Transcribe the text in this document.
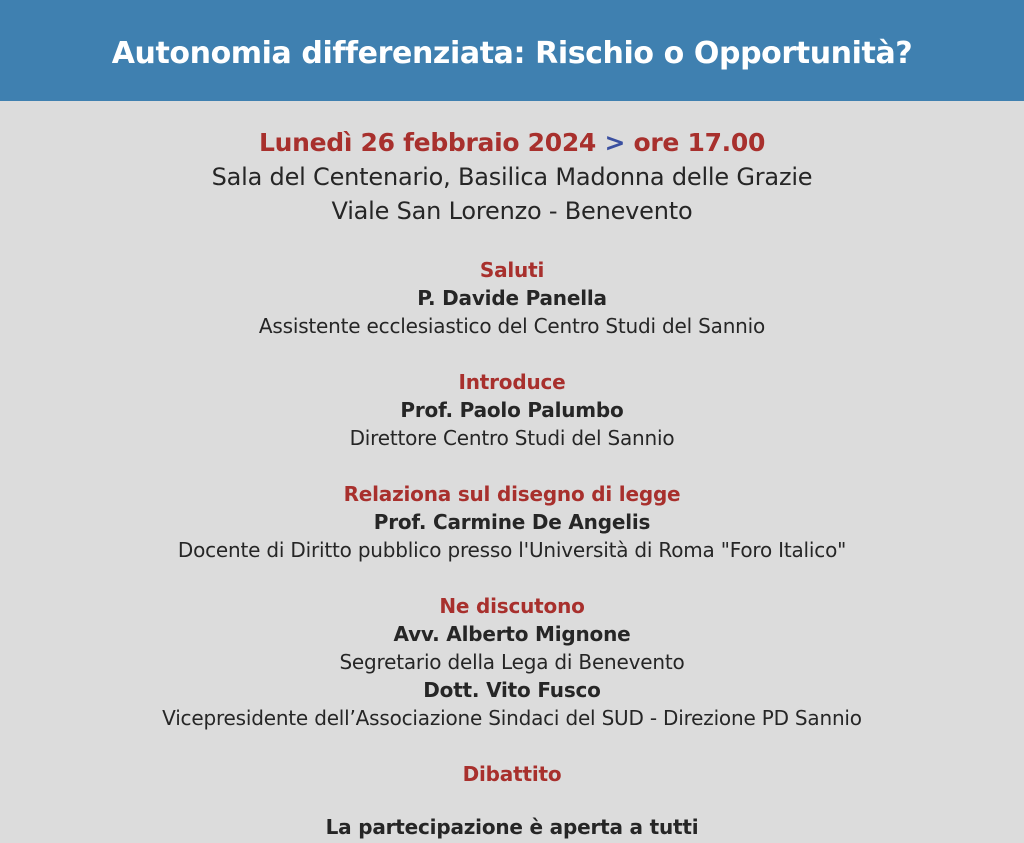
Autonomia differenziata: Rischio o Opportunità?
Lunedì 26 febbraio 2024 > ore 17.00
Sala del Centenario, Basilica Madonna delle Grazie
Viale San Lorenzo - Benevento
Saluti
P. Davide Panella
Assistente ecclesiastico del Centro Studi del Sannio
Introduce
Prof. Paolo Palumbo
Direttore Centro Studi del Sannio
Relaziona sul disegno di legge
Prof. Carmine De Angelis
Docente di Diritto pubblico presso l'Università di Roma "Foro Italico"
Ne discutono
Avv. Alberto Mignone
Segretario della Lega di Benevento
Dott. Vito Fusco
Vicepresidente dell’Associazione Sindaci del SUD - Direzione PD Sannio
Dibattito
La partecipazione è aperta a tutti
